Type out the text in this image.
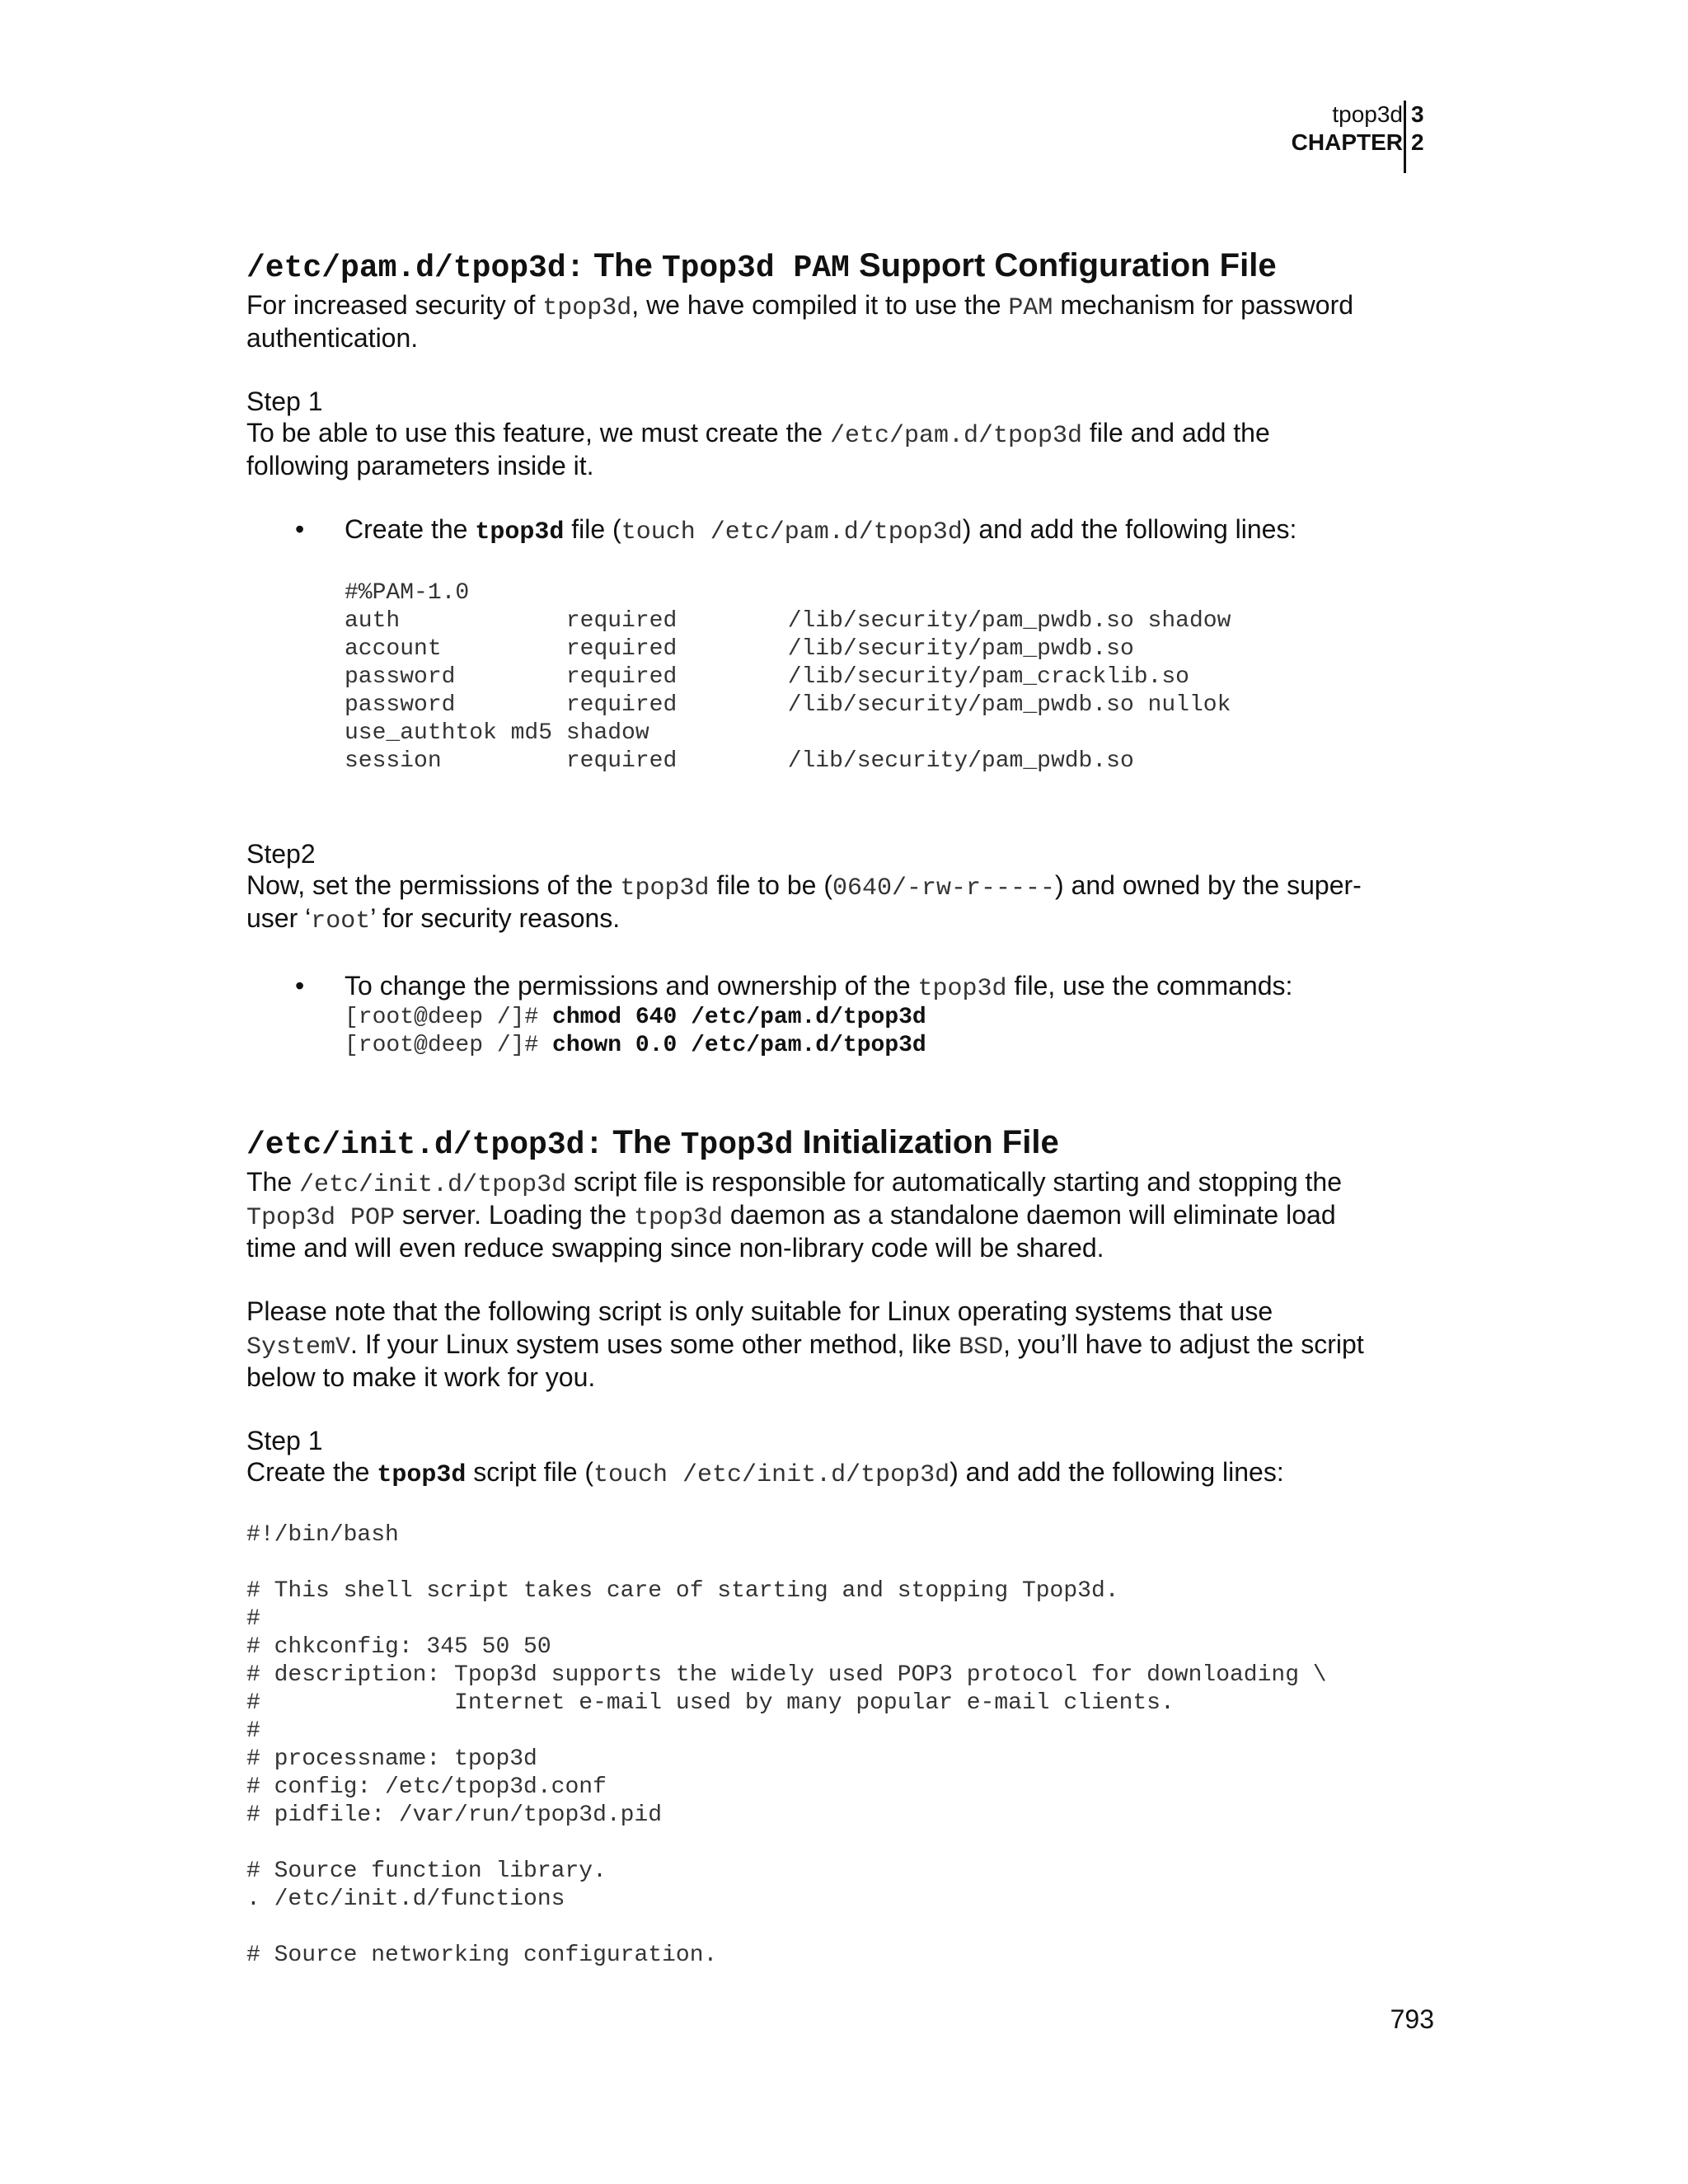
tpop3d 3
CHAPTER 2
/etc/pam.d/tpop3d: The Tpop3d PAM Support Configuration File
For increased security of tpop3d, we have compiled it to use the PAM mechanism for password
authentication.
Step 1
To be able to use this feature, we must create the /etc/pam.d/tpop3d file and add the
following parameters inside it.
• Create the tpop3d file (touch /etc/pam.d/tpop3d) and add the following lines:
#%PAM-1.0
auth            required        /lib/security/pam_pwdb.so shadow
account         required        /lib/security/pam_pwdb.so
password        required        /lib/security/pam_cracklib.so
password        required        /lib/security/pam_pwdb.so nullok
use_authtok md5 shadow
session         required        /lib/security/pam_pwdb.so
Step2
Now, set the permissions of the tpop3d file to be (0640/-rw-r-----) and owned by the super-
user ‘root’ for security reasons.
• To change the permissions and ownership of the tpop3d file, use the commands:
[root@deep /]# chmod 640 /etc/pam.d/tpop3d
[root@deep /]# chown 0.0 /etc/pam.d/tpop3d
/etc/init.d/tpop3d: The Tpop3d Initialization File
The /etc/init.d/tpop3d script file is responsible for automatically starting and stopping the
Tpop3d POP server. Loading the tpop3d daemon as a standalone daemon will eliminate load
time and will even reduce swapping since non-library code will be shared.
Please note that the following script is only suitable for Linux operating systems that use
SystemV. If your Linux system uses some other method, like BSD, you’ll have to adjust the script
below to make it work for you.
Step 1
Create the tpop3d script file (touch /etc/init.d/tpop3d) and add the following lines:
#!/bin/bash

# This shell script takes care of starting and stopping Tpop3d.
#
# chkconfig: 345 50 50
# description: Tpop3d supports the widely used POP3 protocol for downloading \
#              Internet e-mail used by many popular e-mail clients.
#
# processname: tpop3d
# config: /etc/tpop3d.conf
# pidfile: /var/run/tpop3d.pid

# Source function library.
. /etc/init.d/functions

# Source networking configuration.
793
